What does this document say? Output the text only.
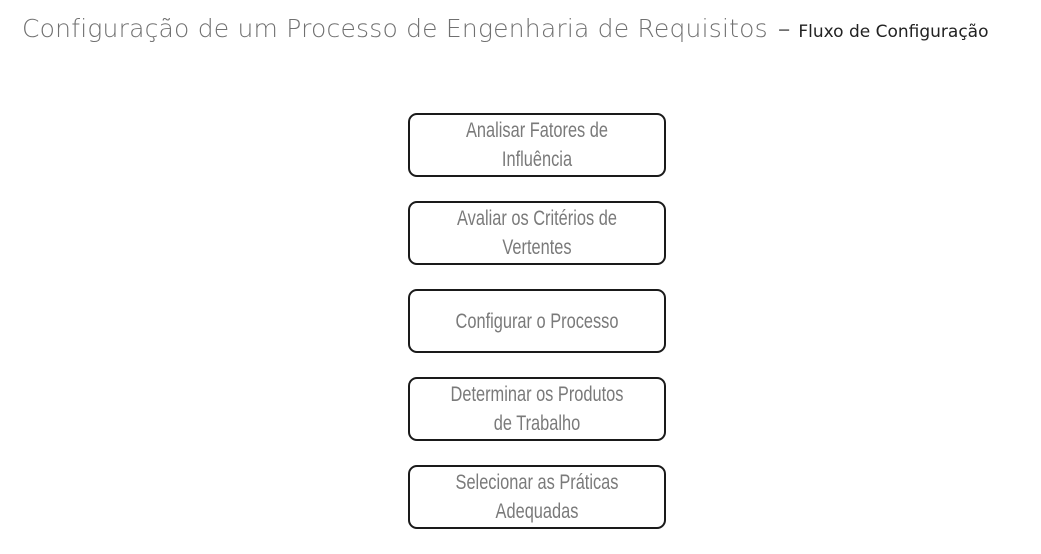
Configuração de um Processo de Engenharia de Requisitos – Fluxo de Configuração
Analisar Fatores de Influência
Avaliar os Critérios de Vertentes
Configurar o Processo
Determinar os Produtos de Trabalho
Selecionar as Práticas Adequadas
